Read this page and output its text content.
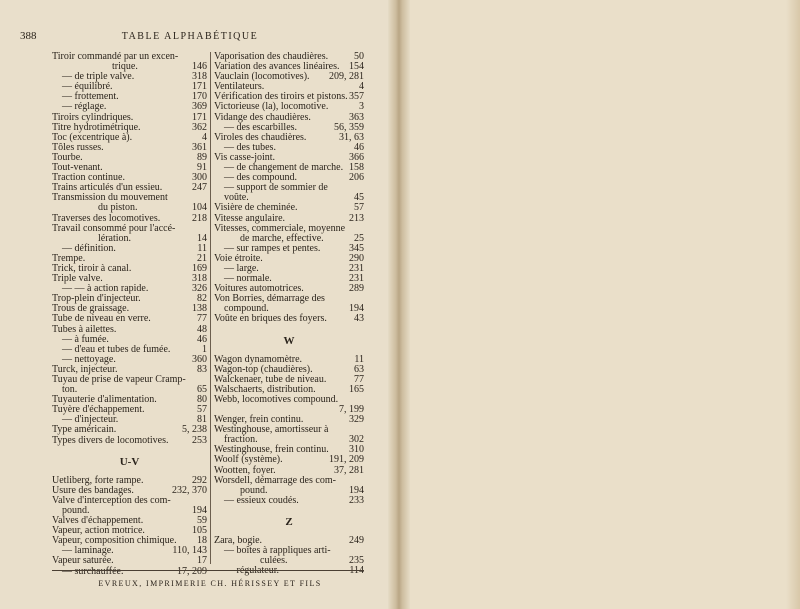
388	TABLE ALPHABÉTIQUE
Tiroir commandé par un excen-
trique.	146
— de triple valve.	318
— équilibré.	171
— frottement.	170
— réglage.	369
Tiroirs cylindriques.	171
Titre hydrotimétrique.	362
Toc (excentrique à).	4
Tôles russes.	361
Tourbe.	89
Tout-venant.	91
Traction continue.	300
Trains articulés d'un essieu.	247
Transmission du mouvement
du piston.	104
Traverses des locomotives.	218
Travail consommé pour l'accé-
lération.	14
— définition.	11
Trempe.	21
Trick, tiroir à canal.	169
Triple valve.	318
— — à action rapide.	326
Trop-plein d'injecteur.	82
Trous de graissage.	138
Tube de niveau en verre.	77
Tubes à ailettes.	48
— à fumée.	46
— d'eau et tubes de fumée.	1
— nettoyage.	360
Turck, injecteur.	83
Tuyau de prise de vapeur Cramp-
ton.	65
Tuyauterie d'alimentation.	80
Tuyère d'échappement.	57
— d'injecteur.	81
Type américain.	5, 238
Types divers de locomotives. 253
U-V
Uetliberg, forte rampe.	292
Usure des bandages.	232, 370
Valve d'interception des com-
pound.	194
Valves d'échappement.	59
Vapeur, action motrice.	105
Vapeur, composition chimique. 18
— laminage.	110, 143
Vapeur saturée.	17
— surchauffée.	17, 209
Vaporisation des chaudières.	50
Variation des avances linéaires. 154
Vauclain (locomotives). 209, 281
Ventilateurs.	4
Vérification des tiroirs et pistons. 357
Victorieuse (la), locomotive.	3
Vidange des chaudières.	363
— des escarbilles.	56, 359
Viroles des chaudières.	31, 63
— des tubes.	46
Vis casse-joint.	366
— de changement de marche. 158
— des compound.	206
— support de sommier de
voûte.	45
Visière de cheminée.	57
Vitesse angulaire.	213
Vitesses, commerciale, moyenne
de marche, effective.	25
— sur rampes et pentes.	345
Voie étroite.	290
— large.	231
— normale.	231
Voitures automotrices.	289
Von Borries, démarrage des
compound.	194
Voûte en briques des foyers.	43
W
Wagon dynamomètre.	11
Wagon-top (chaudières).	63
Walckenaer, tube de niveau.	77
Walschaerts, distribution.	165
Webb, locomotives compound.
7, 199
Wenger, frein continu.	329
Westinghouse, amortisseur à
fraction.	302
Westinghouse, frein continu. 310
Woolf (système).	191, 209
Wootten, foyer.	37, 281
Worsdell, démarrage des com-
pound.	194
— essieux coudés.	233
Z
Zara, bogie.	249
— boîtes à rappliques arti-
culées.	235
— régulateur.	114
EVREUX, IMPRIMERIE CH. HÉRISSEY ET FILS
